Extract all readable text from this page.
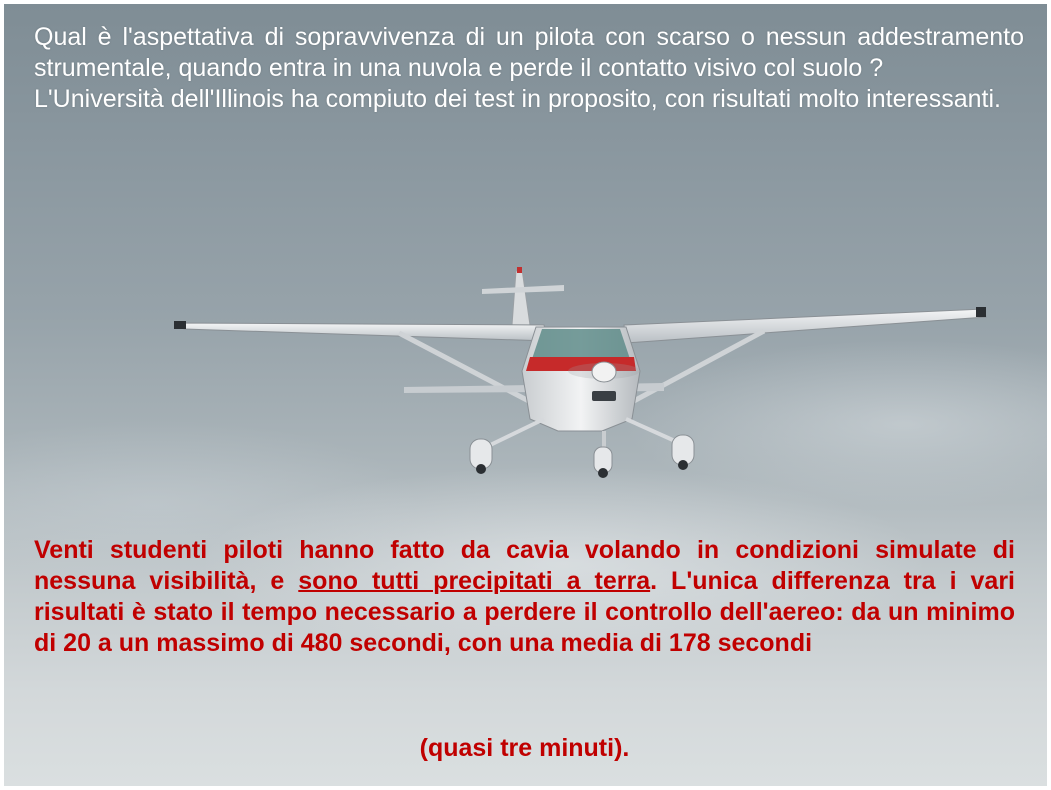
Qual è l'aspettativa di sopravvivenza di un pilota con scarso o nessun addestramento strumentale, quando entra in una nuvola e perde il contatto visivo col suolo ?

L'Università dell'Illinois ha compiuto dei test in proposito, con risultati molto interessanti.

Venti studenti piloti hanno fatto da cavia volando in condizioni simulate di nessuna visibilità, e sono tutti precipitati a terra. L'unica differenza tra i vari risultati è stato il tempo necessario a perdere il controllo dell'aereo: da un minimo di 20 a un massimo di 480 secondi, con una media di 178 secondi

(quasi tre minuti).
